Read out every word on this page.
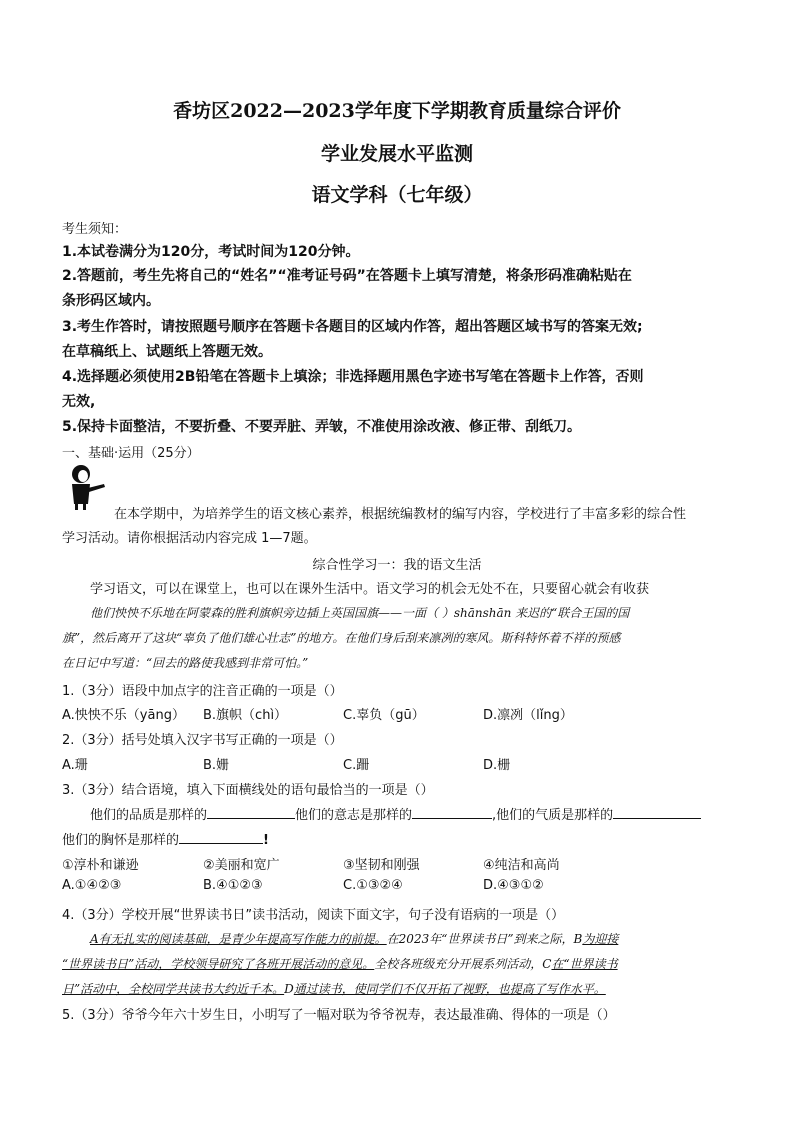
香坊区2022—2023学年度下学期教育质量综合评价
学业发展水平监测
语文学科（七年级）
考生须知：
1.本试卷满分为120分，考试时间为120分钟。
2.答题前，考生先将自己的“姓名”“准考证号码”在答题卡上填写清楚，将条形码准确粘贴在
条形码区域内。
3.考生作答时，请按照题号顺序在答题卡各题目的区域内作答，超出答题区域书写的答案无效;
在草稿纸上、试题纸上答题无效。
4.选择题必须使用2B铅笔在答题卡上填涂；非选择题用黑色字迹书写笔在答题卡上作答，否则
无效,
5.保持卡面整洁，不要折叠、不要弄脏、弄皱，不准使用涂改液、修正带、刮纸刀。
一、基础·运用（25分）
在本学期中，为培养学生的语文核心素养，根据统编教材的编写内容，学校进行了丰富多彩的综合性
学习活动。请你根据活动内容完成 1—7题。
综合性学习一：我的语文生活
学习语文，可以在课堂上，也可以在课外生活中。语文学习的机会无处不在，只要留心就会有收获
他们怏怏不乐地在阿蒙森的胜利旗帜旁边插上英国国旗——一面（ ）shānshān 来迟的“联合王国的国
旗”，然后离开了这块“辜负了他们雄心壮志”的地方。在他们身后刮来凛冽的寒风。斯科特怀着不祥的预感
在日记中写道：“回去的路使我感到非常可怕。”
1.（3分）语段中加点字的注音正确的一项是（）
A.怏怏不乐（yāng） B.旗帜（chì）	C.辜负（gū）	D.凛冽（lǐng）
2.（3分）括号处填入汉字书写正确的一项是（）
A.珊	B.姗	C.跚	D.栅
3.（3分）结合语境，填入下面横线处的语句最恰当的一项是（）
他们的品质是那样的	他们的意志是那样的	,他们的气质是那样的
他们的胸怀是那样的	!
①淳朴和谦逊	②美丽和宽广	③坚韧和刚强	④纯洁和高尚
A.①④②③	B.④①②③	C.①③②④	D.④③①②
4.（3分）学校开展“世界读书日”读书活动，阅读下面文字，句子没有语病的一项是（）
A有无扎实的阅读基础，是青少年提高写作能力的前提。在2023年“世界读书日”到来之际，B为迎接
“世界读书日”活动，学校领导研究了各班开展活动的意见。全校各班级充分开展系列活动，C在“世界读书
日”活动中，全校同学共读书大约近千本。D通过读书，使同学们不仅开拓了视野，也提高了写作水平。
5.（3分）爷爷今年六十岁生日，小明写了一幅对联为爷爷祝寿，表达最准确、得体的一项是（）
